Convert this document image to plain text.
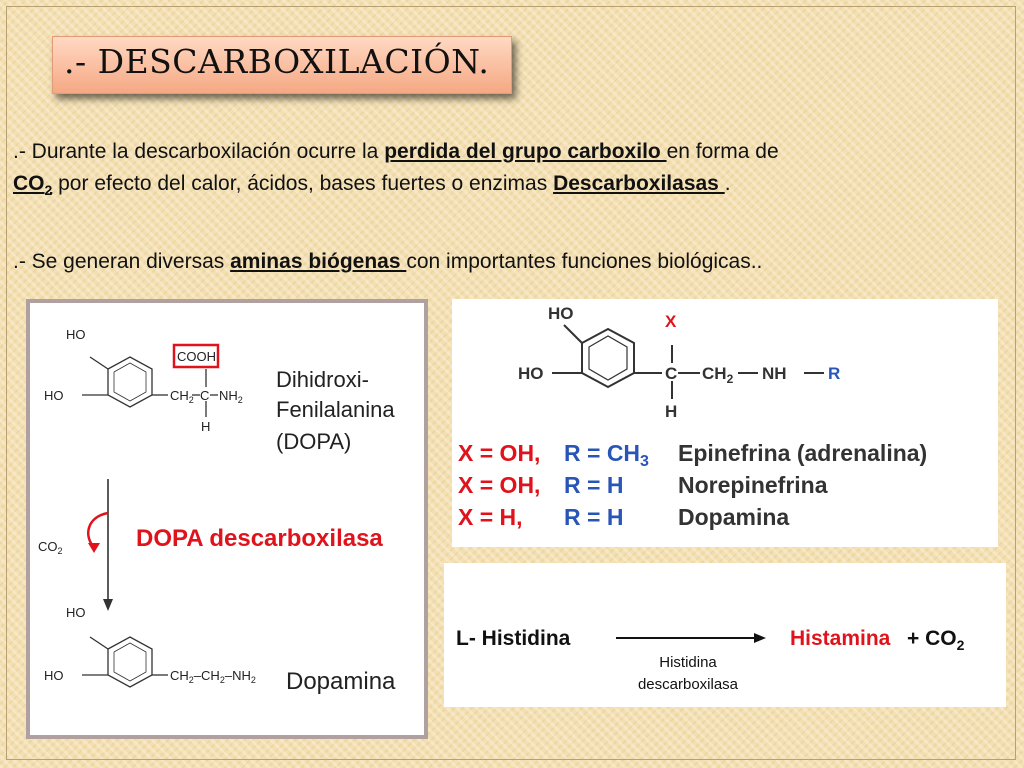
.- DESCARBOXILACIÓN.
.- Durante la descarboxilación ocurre la perdida del grupo carboxilo en forma de
$CO_2$ por efecto del calor, ácidos, bases fuertes o enzimas Descarboxilasas .
.- Se generan diversas aminas biógenas con importantes funciones biológicas..
HO
HO	$CH_2$ C
COOH
$NH_2$
H
Dihidroxi-
Fenilalanina
(DOPA)
$CO_2$	DOPA descarboxilasa
HO
HO	$CH_2-CH_2-NH_2$ Dopamina
HO
HO
X
C $CH_2$ NH R
H
X = OH, $R = CH_3$ Epinefrina (adrenalina)
X = OH, R = H Norepinefrina
X = H, R = H Dopamina
L- Histidina	Histamina + $CO_2$
Histidina
descarboxilasa
